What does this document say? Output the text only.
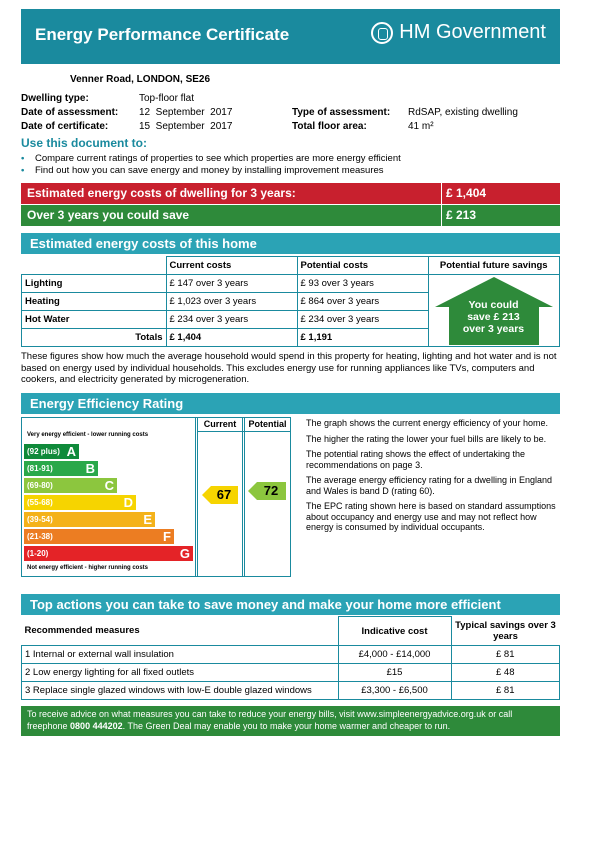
Energy Performance Certificate	HM Government
Venner Road, LONDON, SE26
Dwelling type:	Top-floor flat
Date of assessment: 12  September  2017
Date of certificate:	15  September  2017
Type of assessment: RdSAP, existing dwelling
Total floor area:	41 m²
Use this document to:
• Compare current ratings of properties to see which properties are more energy efficient
• Find out how you can save energy and money by installing improvement measures
Estimated energy costs of dwelling for 3 years:	£ 1,404
Over 3 years you could save	£ 213
Estimated energy costs of this home
	Current costs	Potential costs	Potential future savings
Lighting	£ 147 over 3 years	£ 93 over 3 years	You could
save £ 213
over 3 years

Heating	£ 1,023 over 3 years	£ 864 over 3 years	
Hot Water	£ 234 over 3 years	£ 234 over 3 years	
Totals	£ 1,404	£ 1,191	
These figures show how much the average household would spend in this property for heating, lighting and hot water and is not based on energy used by individual households. This excludes energy use for running appliances like TVs, computers and cookers, and electricity generated by microgeneration.
Energy Efficiency Rating
Current	Potential
Very energy efficient - lower running costs
Not energy efficient - higher running costs
(92 plus) A
(81-91)	B
(69-80)	C
(55-68)	D
(39-54)	E
(21-38)	F
(1-20)	G
67	72
The graph shows the current energy efficiency of your home.
The higher the rating the lower your fuel bills are likely to be.
The potential rating shows the effect of undertaking the recommendations on page 3.
The average energy efficiency rating for a dwelling in England and Wales is band D (rating 60).
The EPC rating shown here is based on standard assumptions about occupancy and energy use and may not reflect how energy is consumed by individual occupants.
Top actions you can take to save money and make your home more efficient
Recommended measures	Indicative cost	Typical savings over 3 years
1 Internal or external wall insulation	£4,000 - £14,000	£ 81
2 Low energy lighting for all fixed outlets	£15	£ 48
3 Replace single glazed windows with low-E double glazed windows	£3,300 - £6,500	£ 81
To receive advice on what measures you can take to reduce your energy bills, visit www.simpleenergyadvice.org.uk or call freephone 0800 444202. The Green Deal may enable you to make your home warmer and cheaper to run.
